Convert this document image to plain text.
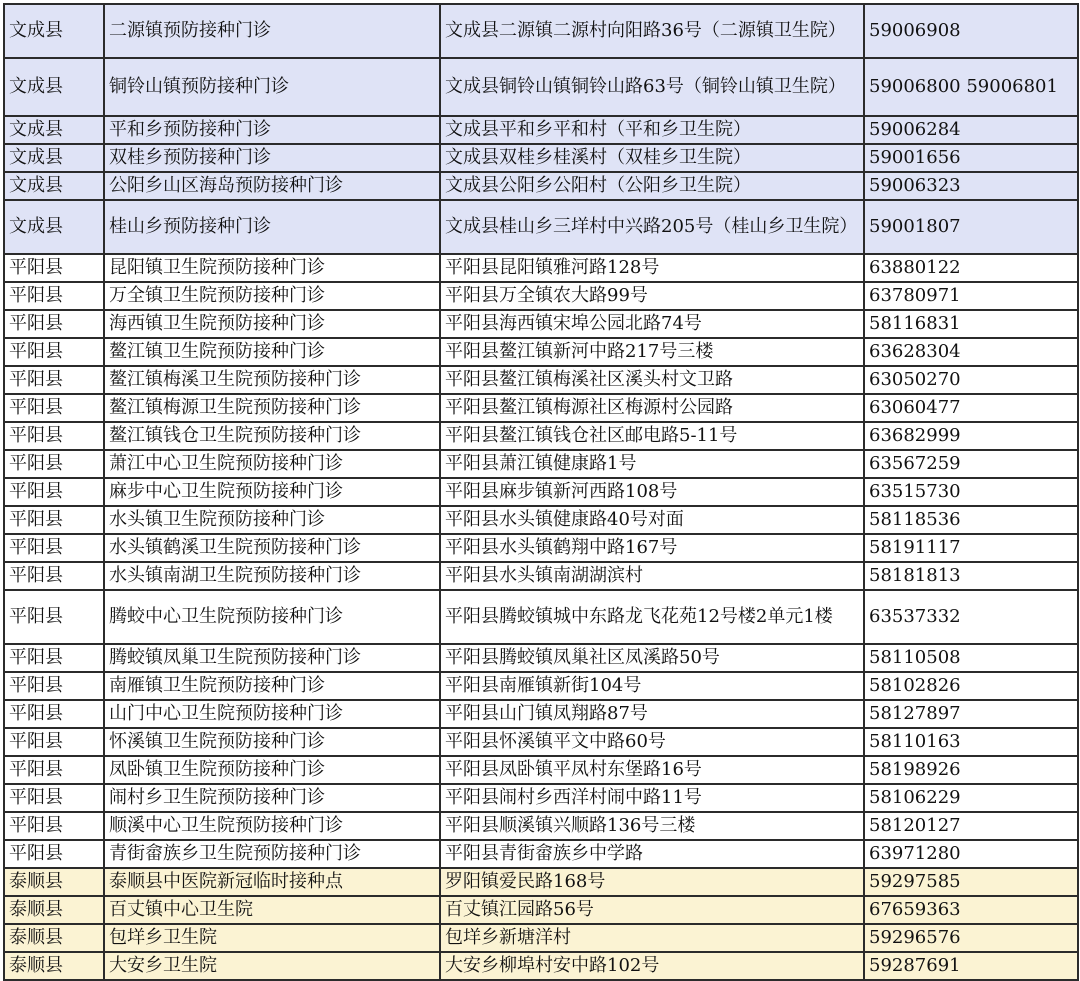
文成县	二源镇预防接种门诊	文成县二源镇二源村向阳路36号（二源镇卫生院）	59006908
文成县	铜铃山镇预防接种门诊	文成县铜铃山镇铜铃山路63号（铜铃山镇卫生院）	59006800 59006801
文成县	平和乡预防接种门诊	文成县平和乡平和村（平和乡卫生院）	59006284
文成县	双桂乡预防接种门诊	文成县双桂乡桂溪村（双桂乡卫生院）	59001656
文成县	公阳乡山区海岛预防接种门诊	文成县公阳乡公阳村（公阳乡卫生院）	59006323
文成县	桂山乡预防接种门诊	文成县桂山乡三垟村中兴路205号（桂山乡卫生院）	59001807
平阳县	昆阳镇卫生院预防接种门诊	平阳县昆阳镇雅河路128号	63880122
平阳县	万全镇卫生院预防接种门诊	平阳县万全镇农大路99号	63780971
平阳县	海西镇卫生院预防接种门诊	平阳县海西镇宋埠公园北路74号	58116831
平阳县	鳌江镇卫生院预防接种门诊	平阳县鳌江镇新河中路217号三楼	63628304
平阳县	鳌江镇梅溪卫生院预防接种门诊	平阳县鳌江镇梅溪社区溪头村文卫路	63050270
平阳县	鳌江镇梅源卫生院预防接种门诊	平阳县鳌江镇梅源社区梅源村公园路	63060477
平阳县	鳌江镇钱仓卫生院预防接种门诊	平阳县鳌江镇钱仓社区邮电路5-11号	63682999
平阳县	萧江中心卫生院预防接种门诊	平阳县萧江镇健康路1号	63567259
平阳县	麻步中心卫生院预防接种门诊	平阳县麻步镇新河西路108号	63515730
平阳县	水头镇卫生院预防接种门诊	平阳县水头镇健康路40号对面	58118536
平阳县	水头镇鹤溪卫生院预防接种门诊	平阳县水头镇鹤翔中路167号	58191117
平阳县	水头镇南湖卫生院预防接种门诊	平阳县水头镇南湖湖滨村	58181813
平阳县	腾蛟中心卫生院预防接种门诊	平阳县腾蛟镇城中东路龙飞花苑12号楼2单元1楼	63537332
平阳县	腾蛟镇凤巢卫生院预防接种门诊	平阳县腾蛟镇凤巢社区凤溪路50号	58110508
平阳县	南雁镇卫生院预防接种门诊	平阳县南雁镇新街104号	58102826
平阳县	山门中心卫生院预防接种门诊	平阳县山门镇凤翔路87号	58127897
平阳县	怀溪镇卫生院预防接种门诊	平阳县怀溪镇平文中路60号	58110163
平阳县	凤卧镇卫生院预防接种门诊	平阳县凤卧镇平凤村东堡路16号	58198926
平阳县	闹村乡卫生院预防接种门诊	平阳县闹村乡西洋村闹中路11号	58106229
平阳县	顺溪中心卫生院预防接种门诊	平阳县顺溪镇兴顺路136号三楼	58120127
平阳县	青街畲族乡卫生院预防接种门诊	平阳县青街畲族乡中学路	63971280
泰顺县	泰顺县中医院新冠临时接种点	罗阳镇爱民路168号	59297585
泰顺县	百丈镇中心卫生院	百丈镇江园路56号	67659363
泰顺县	包垟乡卫生院	包垟乡新塘洋村	59296576
泰顺县	大安乡卫生院	大安乡柳埠村安中路102号	59287691
